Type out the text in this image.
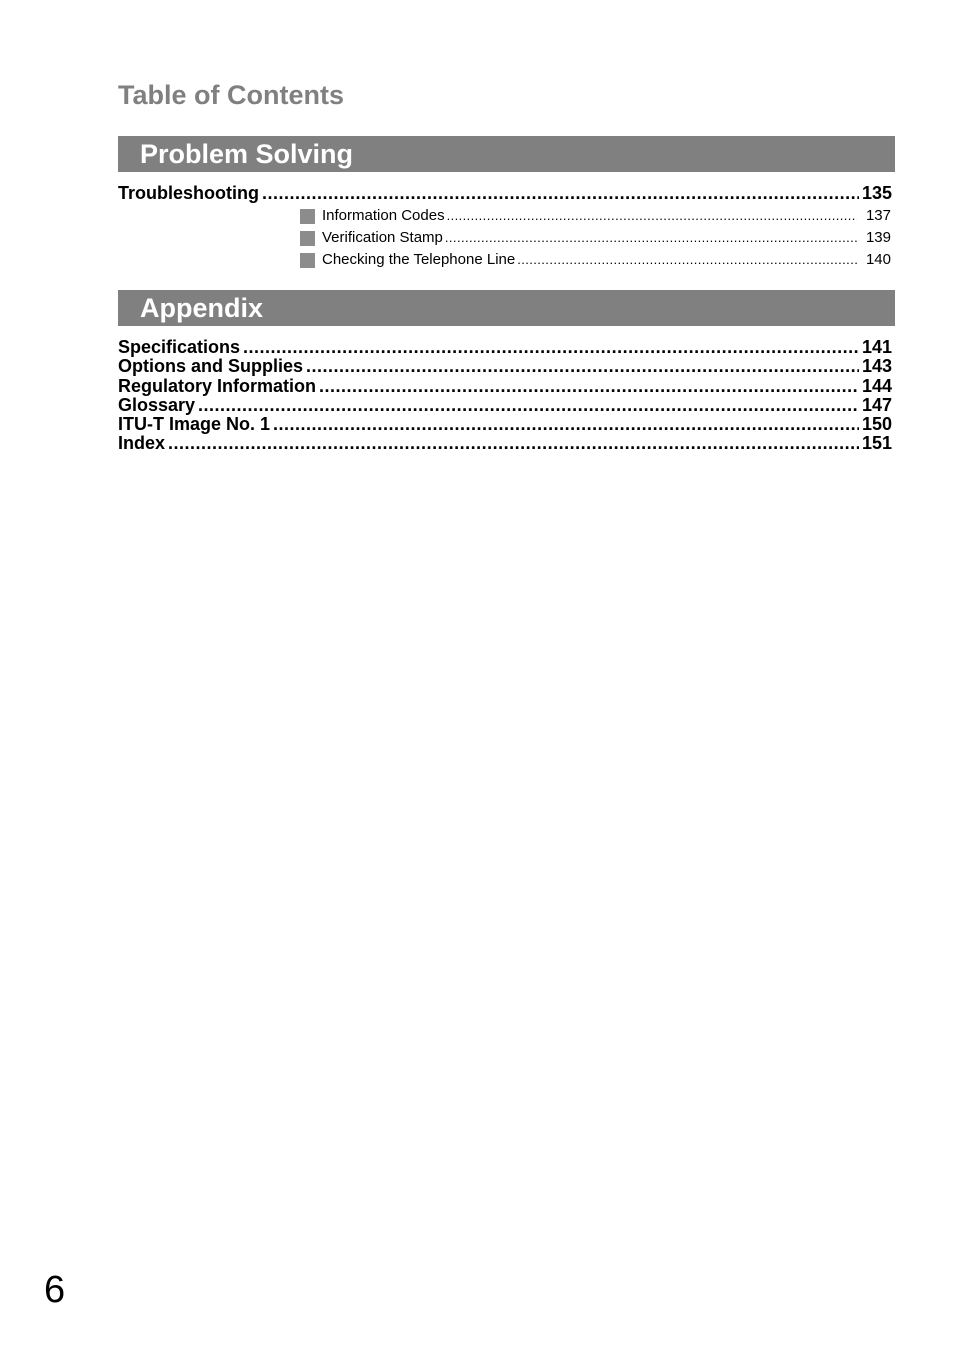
Table of Contents
Problem Solving
Troubleshooting .....	135
Information Codes .....	137
Verification Stamp .....	139
Checking the Telephone Line .....	140
Appendix
Specifications .....	141
Options and Supplies .....	143
Regulatory Information .....	144
Glossary .....	147
ITU-T Image No. 1 .....	150
Index .....	151
6
